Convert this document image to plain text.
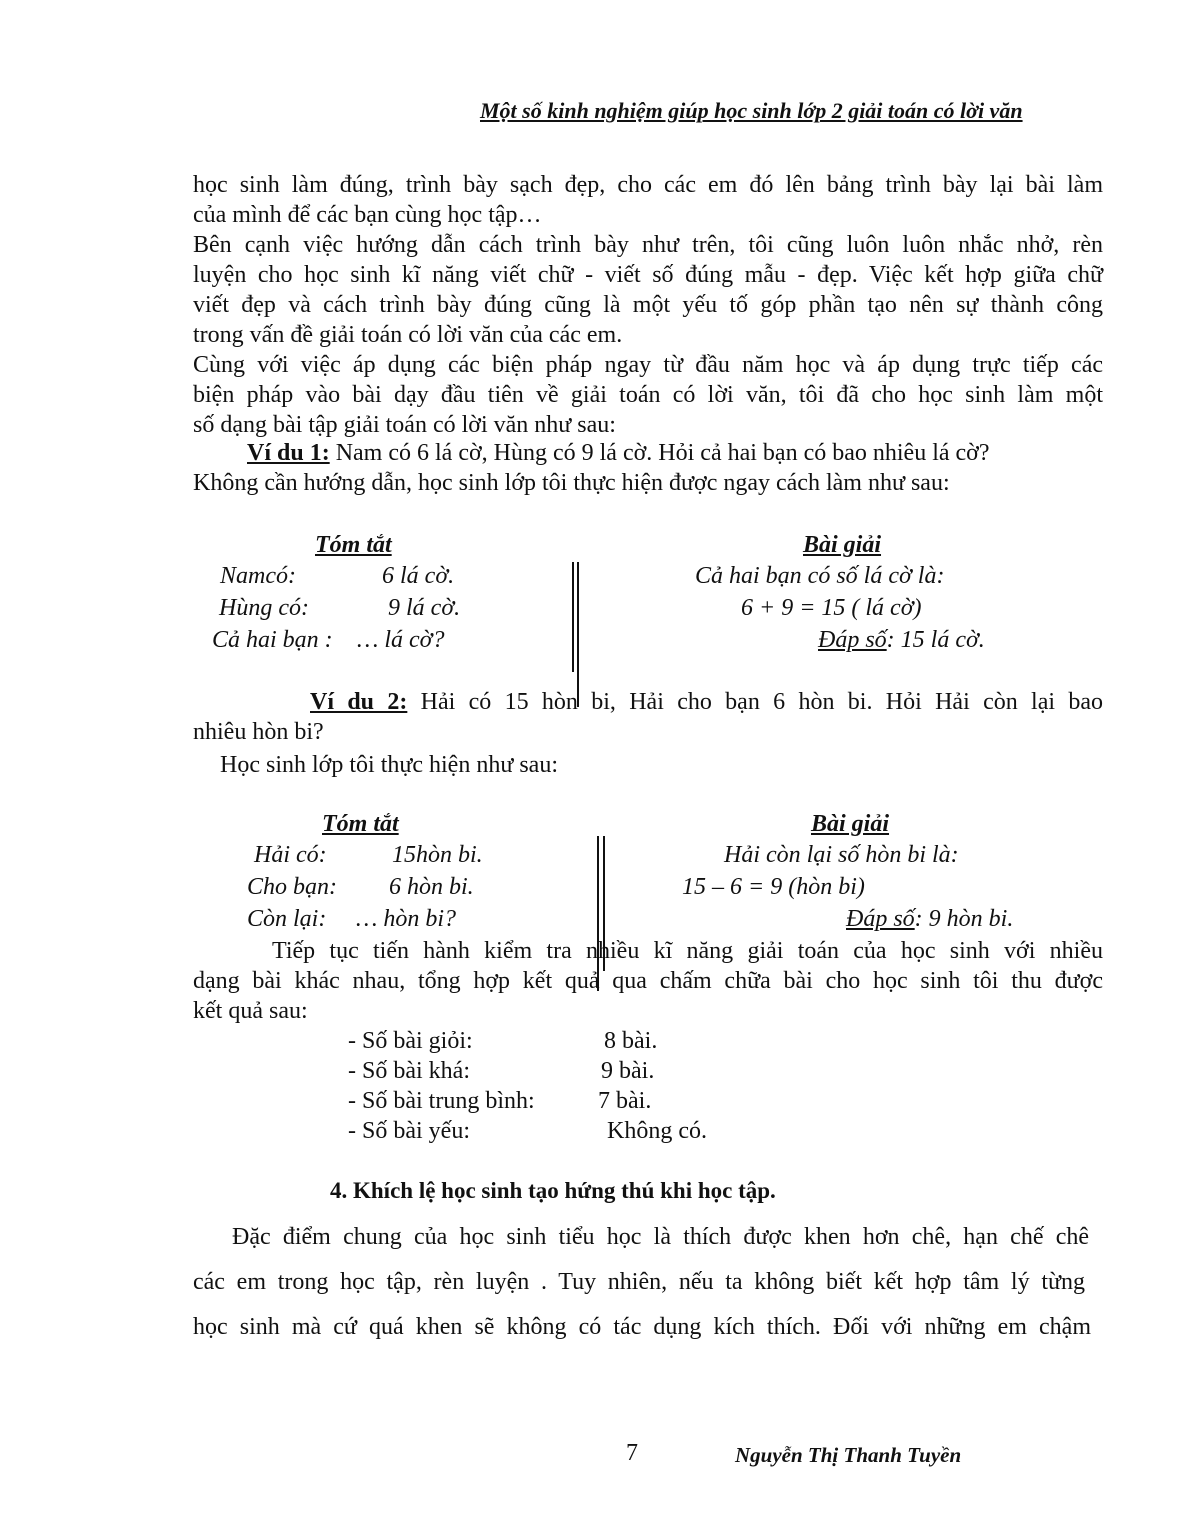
Một số kinh nghiệm giúp học sinh lớp 2 giải toán có lời văn
học sinh làm đúng, trình bày sạch đẹp, cho các em đó lên bảng trình bày lại bài làm
của mình để các bạn cùng học tập…
Bên cạnh việc hướng dẫn cách trình bày như trên, tôi cũng luôn luôn nhắc nhở, rèn
luyện cho học sinh kĩ năng viết chữ - viết số đúng mẫu - đẹp. Việc kết hợp giữa chữ
viết đẹp và cách trình bày đúng cũng là một yếu tố góp phần tạo nên sự thành công
trong vấn đề giải toán có lời văn của các em.
Cùng với việc áp dụng các biện pháp ngay từ đầu năm học và áp dụng trực tiếp các
biện pháp vào bài dạy đầu tiên về giải toán có lời văn, tôi đã cho học sinh làm một
số dạng bài tập giải toán có lời văn như sau:
Ví du 1: Nam có 6 lá cờ, Hùng có 9 lá cờ. Hỏi cả hai bạn có bao nhiêu lá cờ?
Không cần hướng dẫn, học sinh lớp tôi thực hiện được ngay cách làm như sau:
Tóm tắt
Namcó:	6 lá cờ.
Hùng có:	9 lá cờ.
Cả hai bạn : … lá cờ?
Bài giải
Cả hai bạn có số lá cờ là:
6 + 9 = 15 ( lá cờ)
Đáp số: 15 lá cờ.
Ví du 2: Hải có 15 hòn bi, Hải cho bạn 6 hòn bi. Hỏi Hải còn lại bao
nhiêu hòn bi?
Học sinh lớp tôi thực hiện như sau:
Tóm tắt
Hải có:	15hòn bi.
Cho bạn: 6 hòn bi.
Còn lại: … hòn bi?
Bài giải
Hải còn lại số hòn bi là:
15 – 6 = 9 (hòn bi)
Đáp số: 9 hòn bi.
Tiếp tục tiến hành kiểm tra nhiều kĩ năng giải toán của học sinh với nhiều
dạng bài khác nhau, tổng hợp kết quả qua chấm chữa bài cho học sinh tôi thu được
kết quả sau:
- Số bài giỏi:	8 bài.
- Số bài khá:	9 bài.
- Số bài trung bình:	7 bài.
- Số bài yếu:	Không có.
4. Khích lệ học sinh tạo hứng thú khi học tập.
Đặc điểm chung của học sinh tiểu học là thích được khen hơn chê, hạn chế chê
các em trong học tập, rèn luyện . Tuy nhiên, nếu ta không biết kết hợp tâm lý từng
học sinh mà cứ quá khen sẽ không có tác dụng kích thích. Đối với những em chậm
7	Nguyễn Thị Thanh Tuyền
